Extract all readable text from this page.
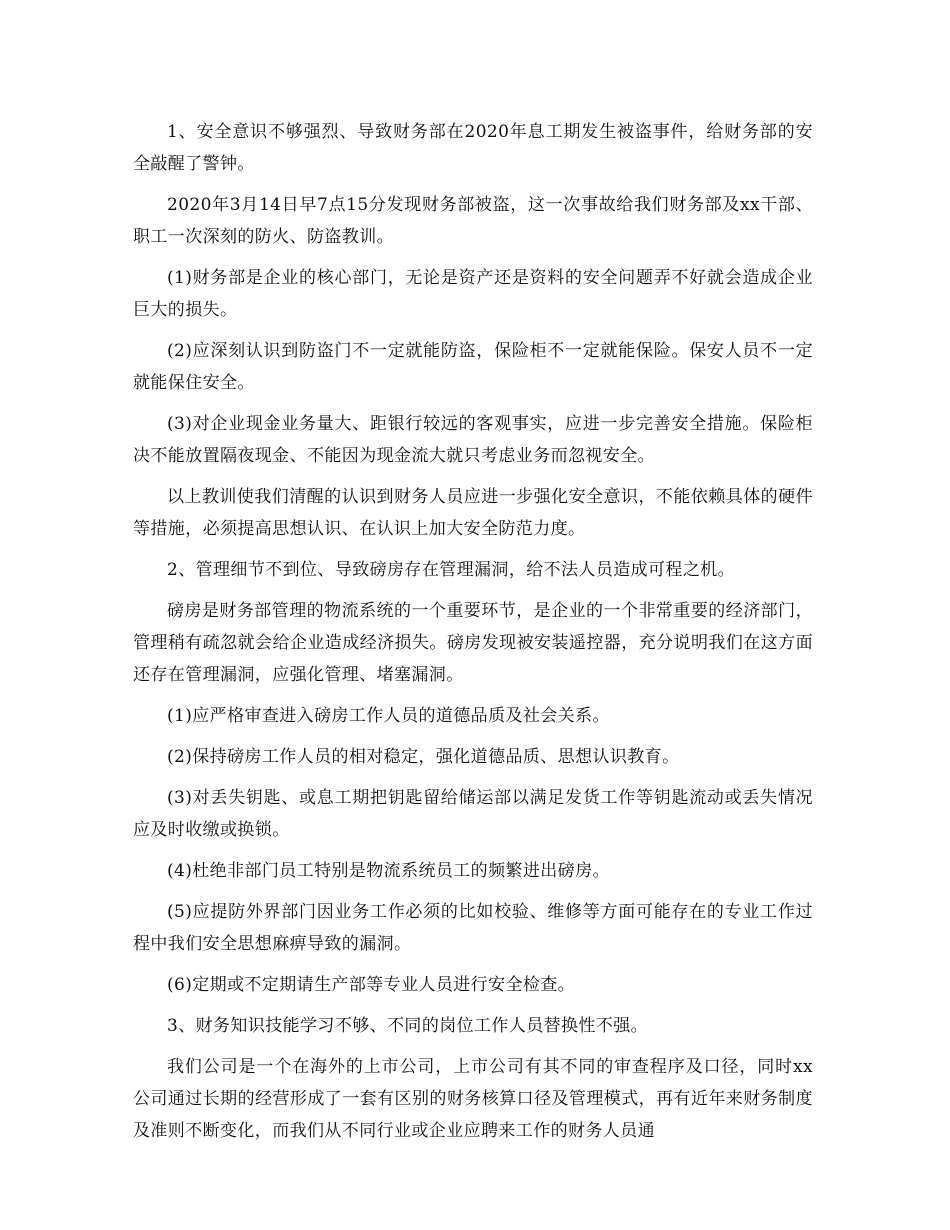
1、安全意识不够强烈、导致财务部在2020年息工期发生被盗事件，给财务部的安全敲醒了警钟。

2020年3月14日早7点15分发现财务部被盗，这一次事故给我们财务部及xx干部、职工一次深刻的防火、防盗教训。

(1)财务部是企业的核心部门，无论是资产还是资料的安全问题弄不好就会造成企业巨大的损失。

(2)应深刻认识到防盗门不一定就能防盗，保险柜不一定就能保险。保安人员不一定就能保住安全。

(3)对企业现金业务量大、距银行较远的客观事实，应进一步完善安全措施。保险柜决不能放置隔夜现金、不能因为现金流大就只考虑业务而忽视安全。

以上教训使我们清醒的认识到财务人员应进一步强化安全意识，不能依赖具体的硬件等措施，必须提高思想认识、在认识上加大安全防范力度。

2、管理细节不到位、导致磅房存在管理漏洞，给不法人员造成可程之机。

磅房是财务部管理的物流系统的一个重要环节，是企业的一个非常重要的经济部门，管理稍有疏忽就会给企业造成经济损失。磅房发现被安装遥控器，充分说明我们在这方面还存在管理漏洞，应强化管理、堵塞漏洞。

(1)应严格审查进入磅房工作人员的道德品质及社会关系。

(2)保持磅房工作人员的相对稳定，强化道德品质、思想认识教育。

(3)对丢失钥匙、或息工期把钥匙留给储运部以满足发货工作等钥匙流动或丢失情况应及时收缴或换锁。

(4)杜绝非部门员工特别是物流系统员工的频繁进出磅房。

(5)应提防外界部门因业务工作必须的比如校验、维修等方面可能存在的专业工作过程中我们安全思想麻痹导致的漏洞。

(6)定期或不定期请生产部等专业人员进行安全检查。

3、财务知识技能学习不够、不同的岗位工作人员替换性不强。

我们公司是一个在海外的上市公司，上市公司有其不同的审查程序及口径，同时xx公司通过长期的经营形成了一套有区别的财务核算口径及管理模式，再有近年来财务制度及准则不断变化，而我们从不同行业或企业应聘来工作的财务人员通
